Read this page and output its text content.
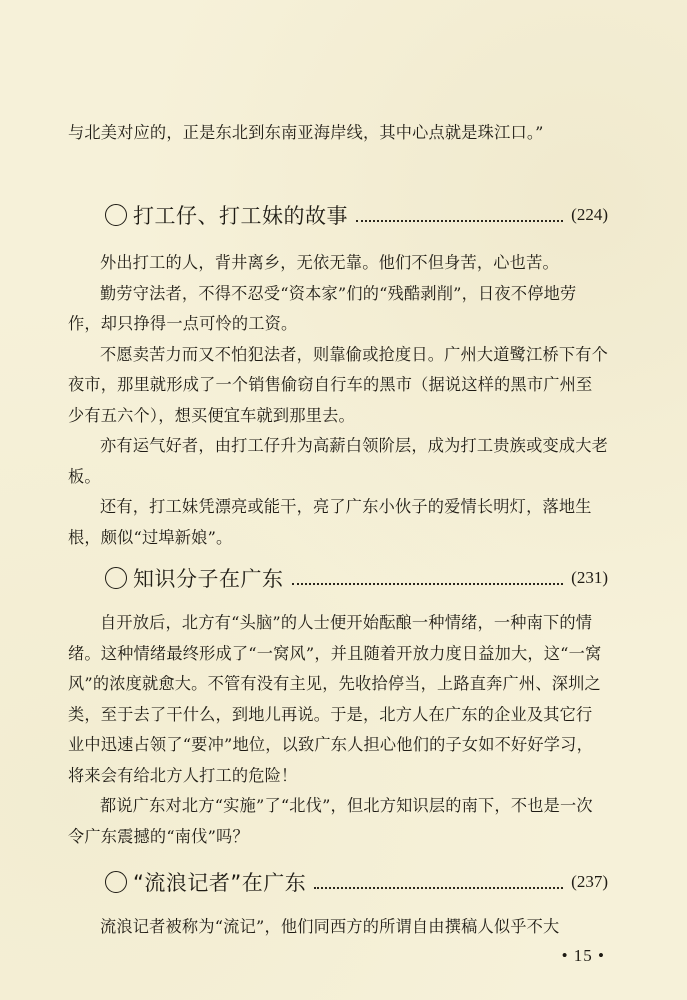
与北美对应的，正是东北到东南亚海岸线，其中心点就是珠江口。”

打工仔、打工妹的故事	(224)

外出打工的人，背井离乡，无依无靠。他们不但身苦，心也苦。

勤劳守法者，不得不忍受“资本家”们的“残酷剥削”，日夜不停地劳作，却只挣得一点可怜的工资。

不愿卖苦力而又不怕犯法者，则靠偷或抢度日。广州大道鹭江桥下有个夜市，那里就形成了一个销售偷窃自行车的黑市（据说这样的黑市广州至少有五六个），想买便宜车就到那里去。

亦有运气好者，由打工仔升为高薪白领阶层，成为打工贵族或变成大老板。

还有，打工妹凭漂亮或能干，亮了广东小伙子的爱情长明灯，落地生根，颇似“过埠新娘”。

知识分子在广东	(231)

自开放后，北方有“头脑”的人士便开始酝酿一种情绪，一种南下的情绪。这种情绪最终形成了“一窝风”，并且随着开放力度日益加大，这“一窝风”的浓度就愈大。不管有没有主见，先收拾停当，上路直奔广州、深圳之类，至于去了干什么，到地儿再说。于是，北方人在广东的企业及其它行业中迅速占领了“要冲”地位，以致广东人担心他们的子女如不好好学习，将来会有给北方人打工的危险！

都说广东对北方“实施”了“北伐”，但北方知识层的南下，不也是一次令广东震撼的“南伐”吗？

“流浪记者”在广东	(237)

流浪记者被称为“流记”，他们同西方的所谓自由撰稿人似乎不大

• 15 •
